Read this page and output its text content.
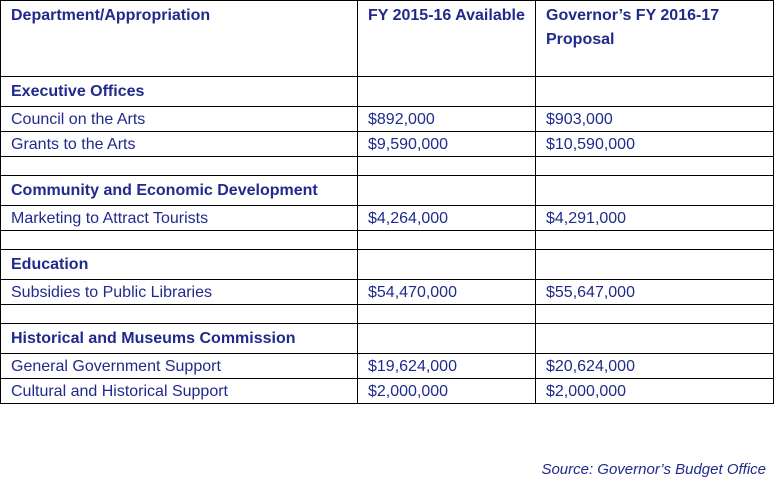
Department/Appropriation	FY 2015-16 Available	Governor’s FY 2016-17 Proposal
Executive Offices		
Council on the Arts	$892,000	$903,000
Grants to the Arts	$9,590,000	$10,590,000

Community and Economic Development		
Marketing to Attract Tourists	$4,264,000	$4,291,000

Education		
Subsidies to Public Libraries	$54,470,000	$55,647,000

Historical and Museums Commission		
General Government Support	$19,624,000	$20,624,000
Cultural and Historical Support	$2,000,000	$2,000,000
Source: Governor’s Budget Office
